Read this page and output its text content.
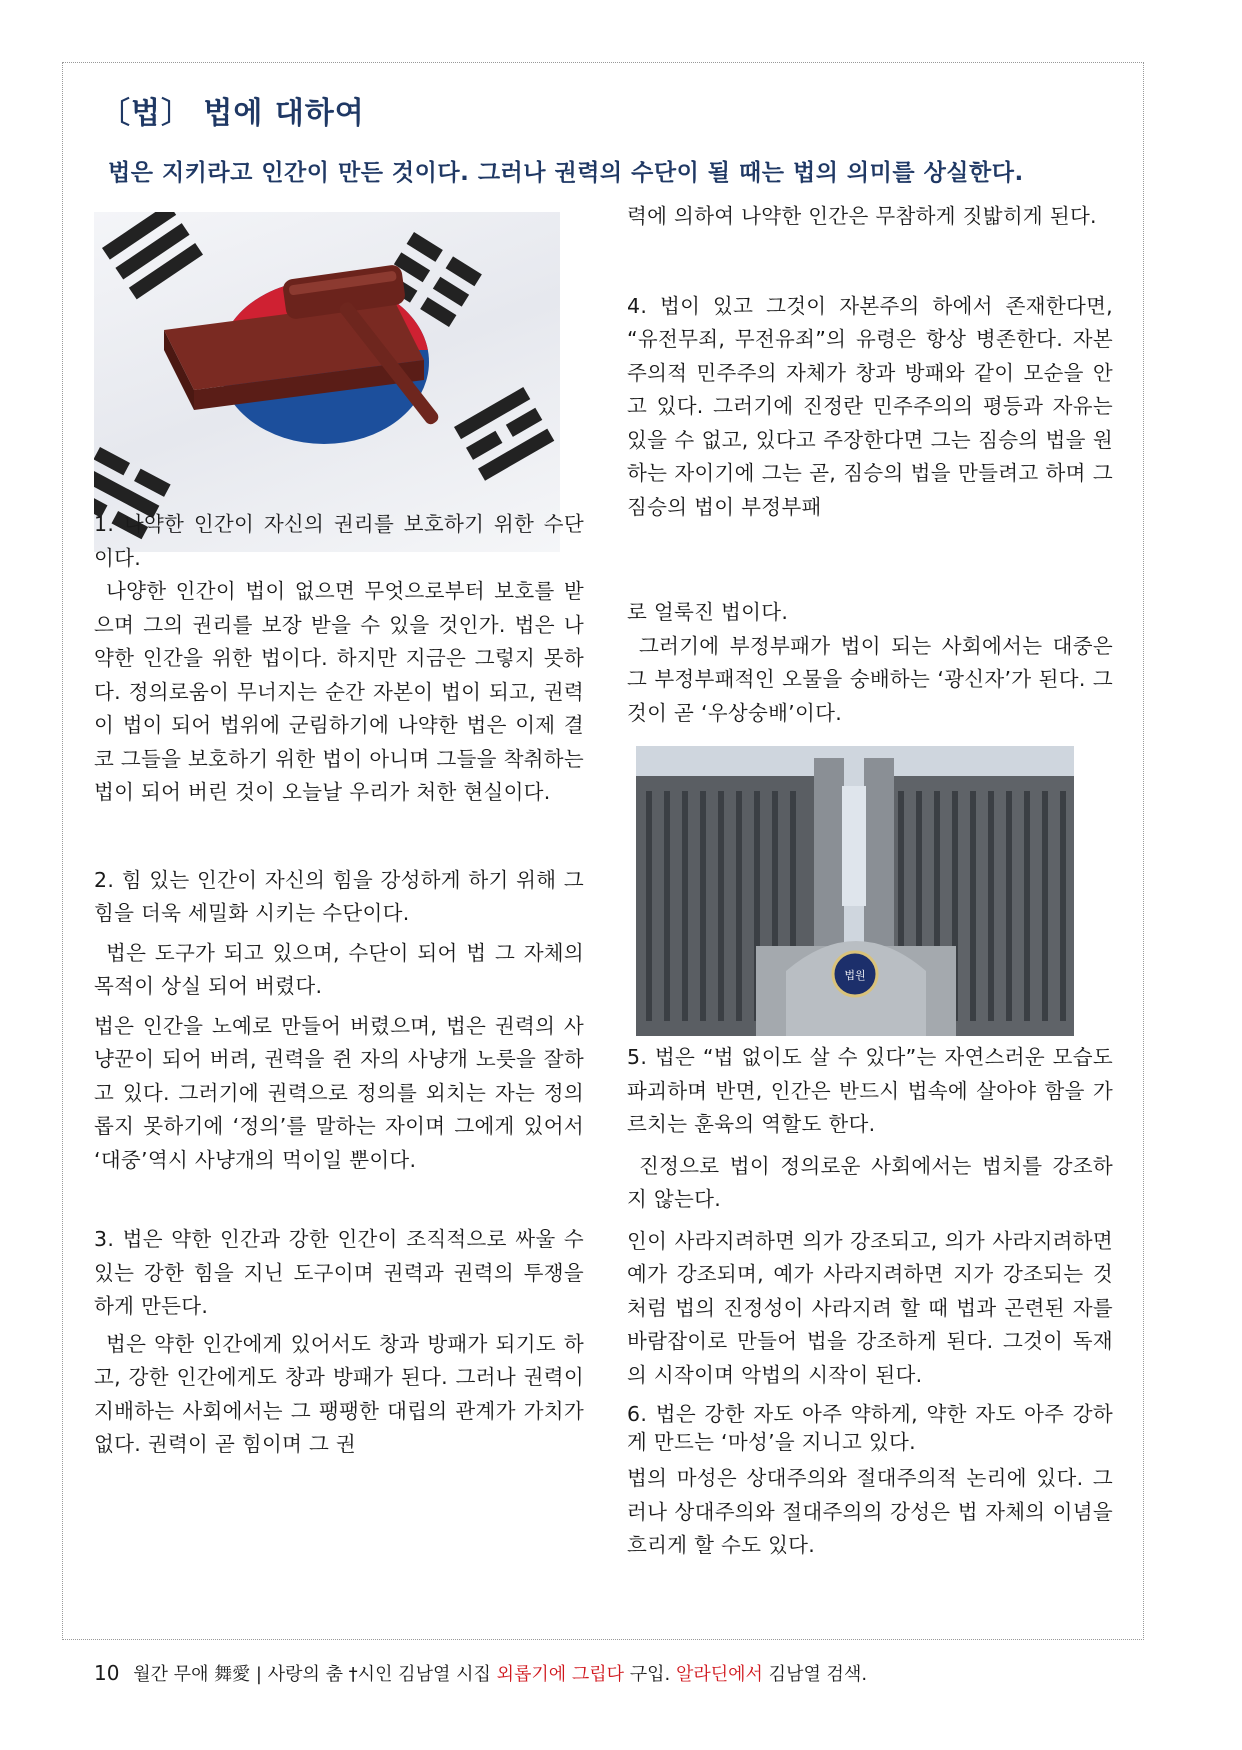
〔법〕 법에 대하여
법은 지키라고 인간이 만든 것이다. 그러나 권력의 수단이 될 때는 법의 의미를 상실한다.

1. 나약한 인간이 자신의 권리를 보호하기 위한 수단이다.

나양한 인간이 법이 없으면 무엇으로부터 보호를 받으며 그의 권리를 보장 받을 수 있을 것인가. 법은 나약한 인간을 위한 법이다. 하지만 지금은 그렇지 못하다. 정의로움이 무너지는 순간 자본이 법이 되고, 권력이 법이 되어 법위에 군림하기에 나약한 법은 이제 결코 그들을 보호하기 위한 법이 아니며 그들을 착취하는 법이 되어 버린 것이 오늘날 우리가 처한 현실이다.

2. 힘 있는 인간이 자신의 힘을 강성하게 하기 위해 그 힘을 더욱 세밀화 시키는 수단이다.

법은 도구가 되고 있으며, 수단이 되어 법 그 자체의 목적이 상실 되어 버렸다.

법은 인간을 노예로 만들어 버렸으며, 법은 권력의 사냥꾼이 되어 버려, 권력을 쥔 자의 사냥개 노릇을 잘하고 있다. 그러기에 권력으로 정의를 외치는 자는 정의롭지 못하기에 ‘정의’를 말하는 자이며 그에게 있어서 ‘대중’역시 사냥개의 먹이일 뿐이다.

3. 법은 약한 인간과 강한 인간이 조직적으로 싸울 수 있는 강한 힘을 지닌 도구이며 권력과 권력의 투쟁을 하게 만든다.

법은 약한 인간에게 있어서도 창과 방패가 되기도 하고, 강한 인간에게도 창과 방패가 된다. 그러나 권력이 지배하는 사회에서는 그 팽팽한 대립의 관계가 가치가 없다. 권력이 곧 힘이며 그 권

력에 의하여 나약한 인간은 무참하게 짓밟히게 된다.

4. 법이 있고 그것이 자본주의 하에서 존재한다면, “유전무죄, 무전유죄”의 유령은 항상 병존한다. 자본주의적 민주주의 자체가 창과 방패와 같이 모순을 안고 있다. 그러기에 진정란 민주주의의 평등과 자유는 있을 수 없고, 있다고 주장한다면 그는 짐승의 법을 원하는 자이기에 그는 곧, 짐승의 법을 만들려고 하며 그 짐승의 법이 부정부패

로 얼룩진 법이다.

그러기에 부정부패가 법이 되는 사회에서는 대중은 그 부정부패적인 오물을 숭배하는 ‘광신자’가 된다. 그것이 곧 ‘우상숭배’이다.

법원

5. 법은 “법 없이도 살 수 있다”는 자연스러운 모습도 파괴하며 반면, 인간은 반드시 법속에 살아야 함을 가르치는 훈육의 역할도 한다.

진정으로 법이 정의로운 사회에서는 법치를 강조하지 않는다.

인이 사라지려하면 의가 강조되고, 의가 사라지려하면 예가 강조되며, 예가 사라지려하면 지가 강조되는 것처럼 법의 진정성이 사라지려 할 때 법과 곤련된 자를 바람잡이로 만들어 법을 강조하게 된다. 그것이 독재의 시작이며 악법의 시작이 된다.

6. 법은 강한 자도 아주 약하게, 약한 자도 아주 강하게 만드는 ‘마성’을 지니고 있다.

법의 마성은 상대주의와 절대주의적 논리에 있다. 그러나 상대주의와 절대주의의 강성은 법 자체의 이념을 흐리게 할 수도 있다.

10 월간 무애 舞愛 | 사랑의 춤 †시인 김남열 시집 외롭기에 그립다 구입. 알라딘에서 김남열 검색.
